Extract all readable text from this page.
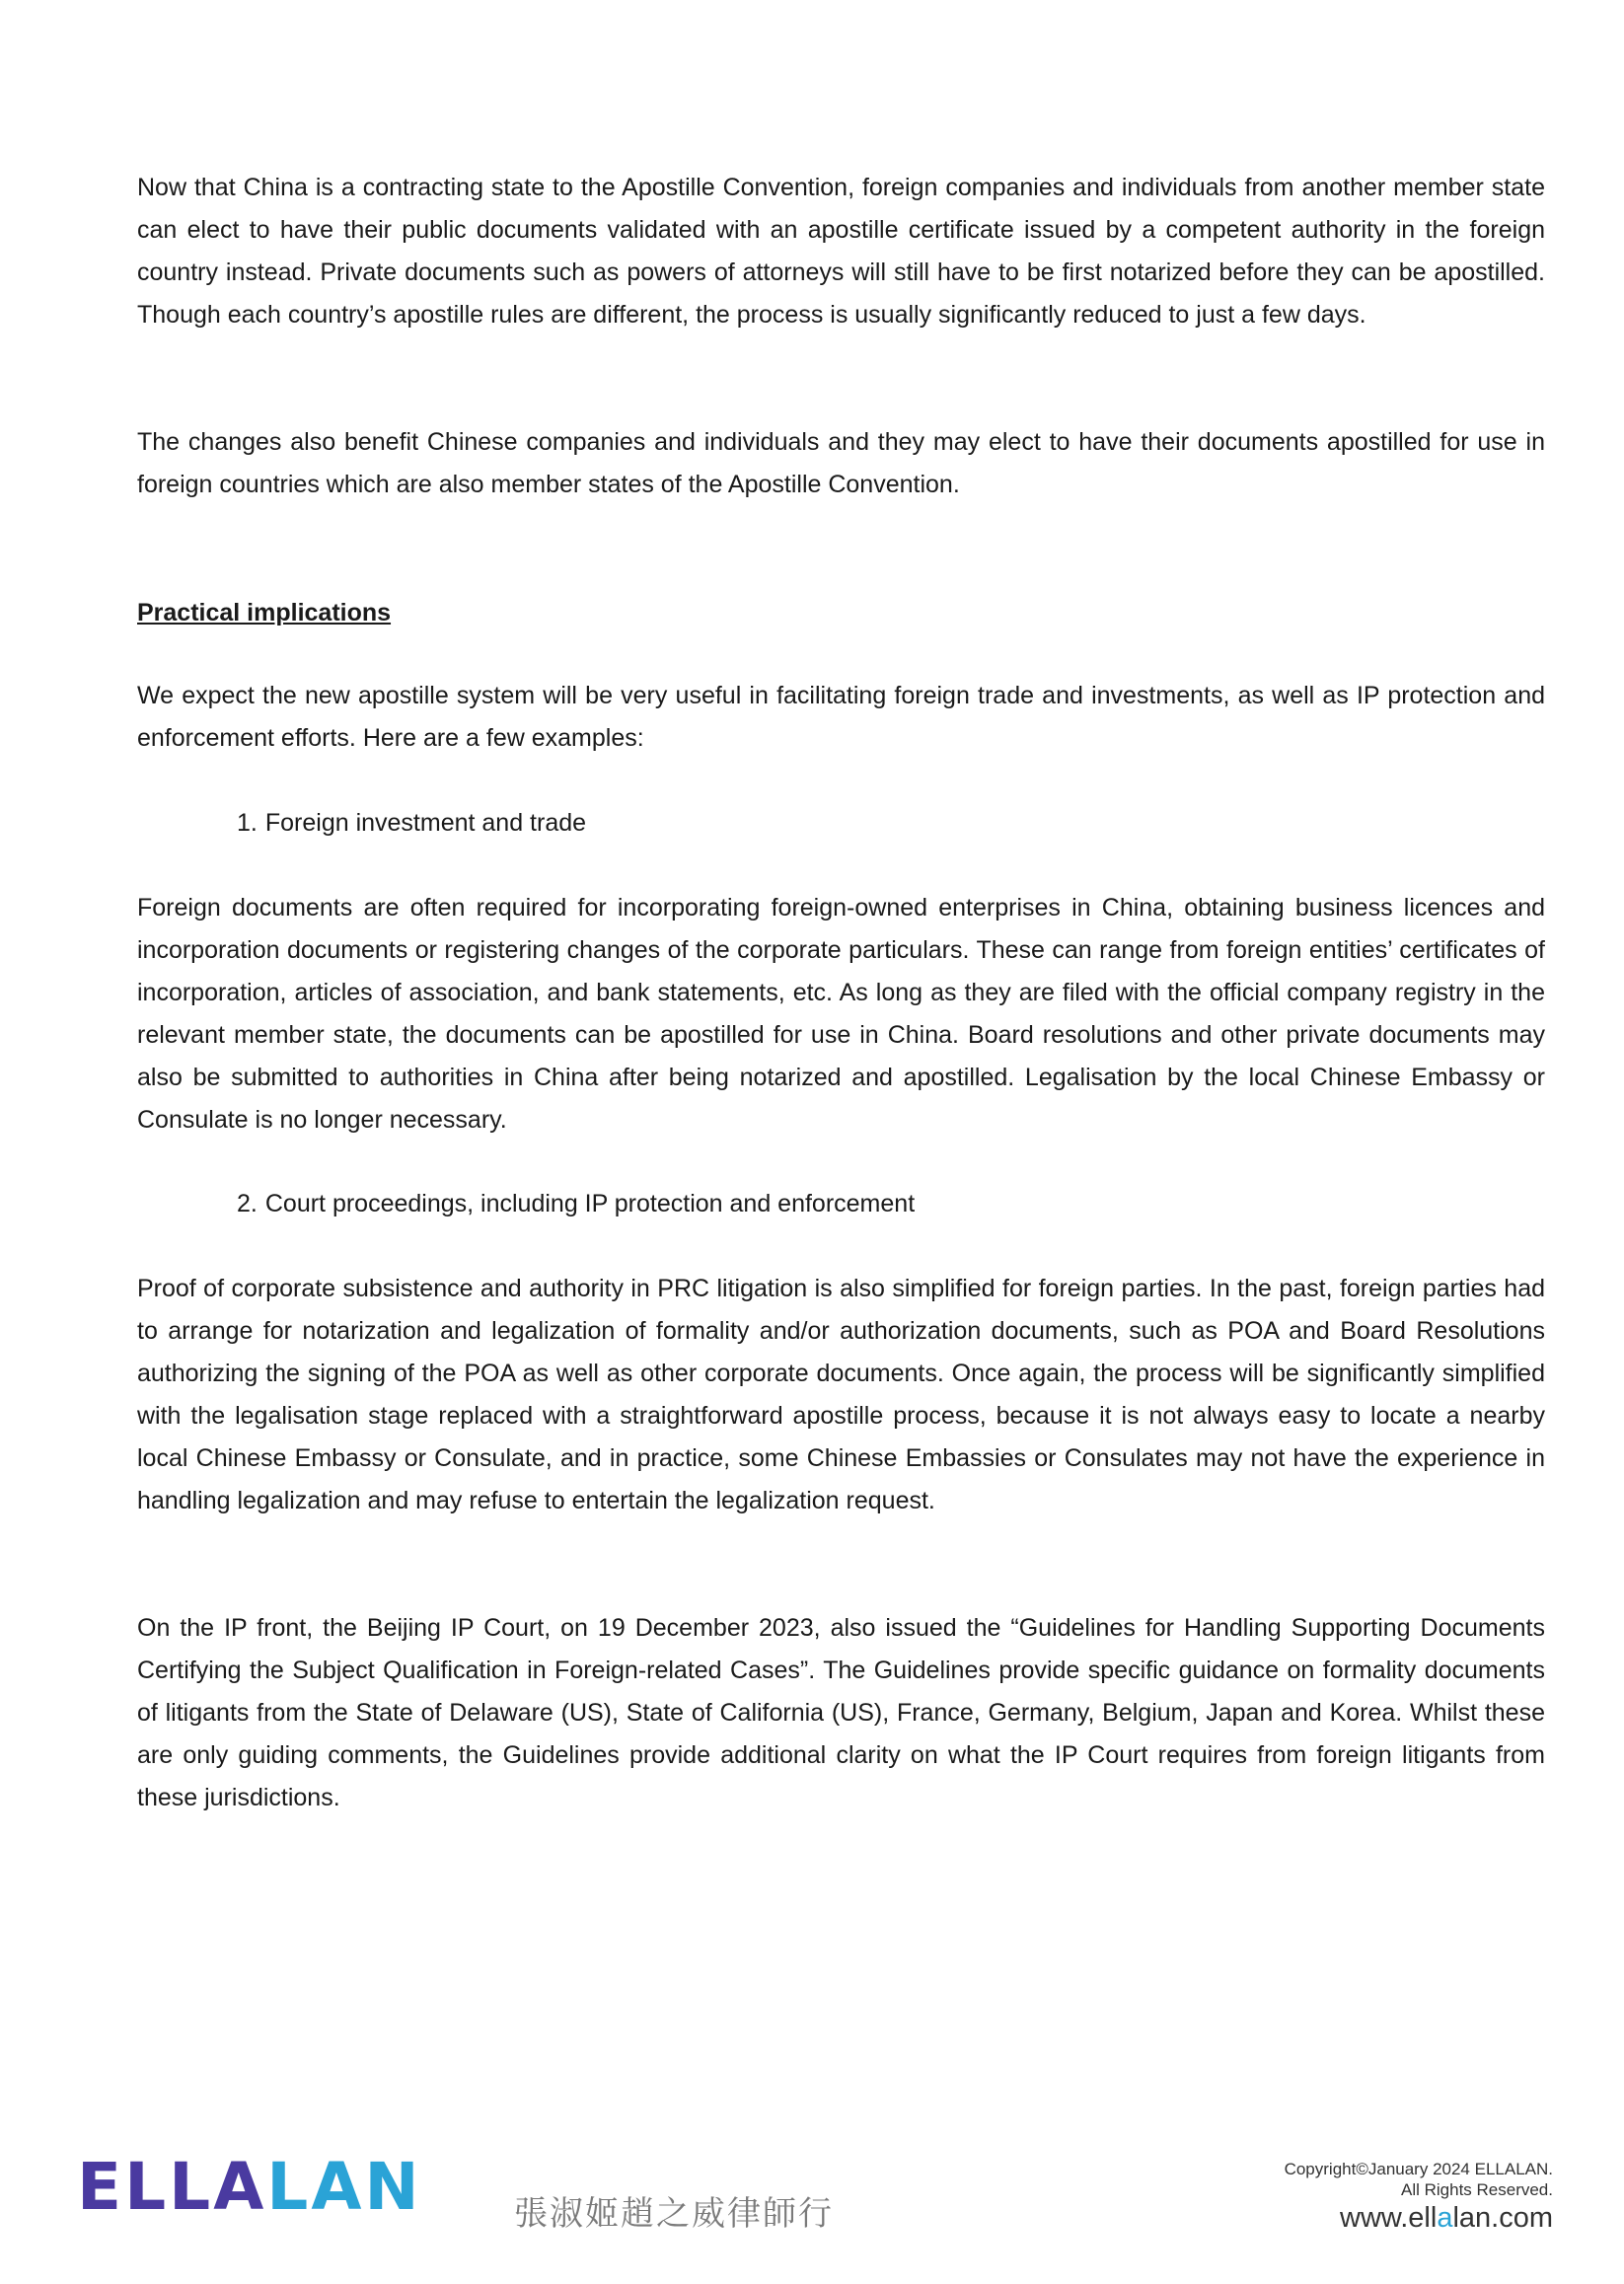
Now that China is a contracting state to the Apostille Convention, foreign companies and individuals from another member state can elect to have their public documents validated with an apostille certificate issued by a competent authority in the foreign country instead. Private documents such as powers of attorneys will still have to be first notarized before they can be apostilled. Though each country’s apostille rules are different, the process is usually significantly reduced to just a few days.

The changes also benefit Chinese companies and individuals and they may elect to have their documents apostilled for use in foreign countries which are also member states of the Apostille Convention.

Practical implications

We expect the new apostille system will be very useful in facilitating foreign trade and investments, as well as IP protection and enforcement efforts. Here are a few examples:

1. Foreign investment and trade

Foreign documents are often required for incorporating foreign-owned enterprises in China, obtaining business licences and incorporation documents or registering changes of the corporate particulars. These can range from foreign entities’ certificates of incorporation, articles of association, and bank statements, etc. As long as they are filed with the official company registry in the relevant member state, the documents can be apostilled for use in China. Board resolutions and other private documents may also be submitted to authorities in China after being notarized and apostilled. Legalisation by the local Chinese Embassy or Consulate is no longer necessary.

2. Court proceedings, including IP protection and enforcement

Proof of corporate subsistence and authority in PRC litigation is also simplified for foreign parties. In the past, foreign parties had to arrange for notarization and legalization of formality and/or authorization documents, such as POA and Board Resolutions authorizing the signing of the POA as well as other corporate documents. Once again, the process will be significantly simplified with the legalisation stage replaced with a straightforward apostille process, because it is not always easy to locate a nearby local Chinese Embassy or Consulate, and in practice, some Chinese Embassies or Consulates may not have the experience in handling legalization and may refuse to entertain the legalization request.

On the IP front, the Beijing IP Court, on 19 December 2023, also issued the “Guidelines for Handling Supporting Documents Certifying the Subject Qualification in Foreign-related Cases”. The Guidelines provide specific guidance on formality documents of litigants from the State of Delaware (US), State of California (US), France, Germany, Belgium, Japan and Korea. Whilst these are only guiding comments, the Guidelines provide additional clarity on what the IP Court requires from foreign litigants from these jurisdictions.

ELLALAN	張淑姬趙之威律師行
Copyright©January 2024 ELLALAN.
All Rights Reserved.
www.ellalan.com
